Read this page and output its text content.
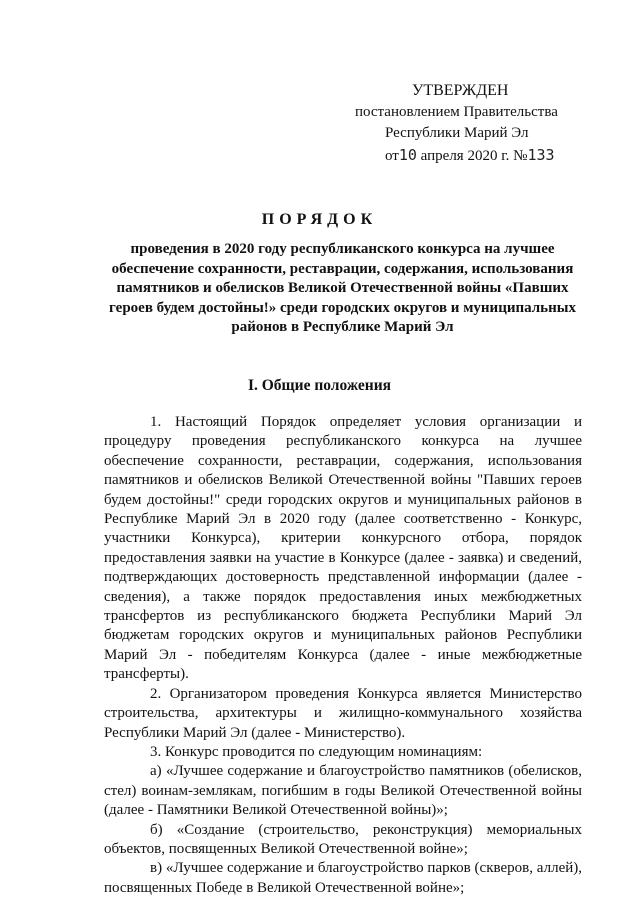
УТВЕРЖДЕН
постановлением Правительства
Республики Марий Эл
от10 апреля 2020 г. №133
ПОРЯДОК
проведения в 2020 году республиканского конкурса на лучшее обеспечение сохранности, реставрации, содержания, использования памятников и обелисков Великой Отечественной войны «Павших героев будем достойны!» среди городских округов и муниципальных районов в Республике Марий Эл
I. Общие положения

1. Настоящий Порядок определяет условия организации и процедуру проведения республиканского конкурса на лучшее обеспечение сохранности, реставрации, содержания, использования памятников и обелисков Великой Отечественной войны "Павших героев будем достойны!" среди городских округов и муниципальных районов в Республике Марий Эл в 2020 году (далее соответственно - Конкурс, участники Конкурса), критерии конкурсного отбора, порядок предоставления заявки на участие в Конкурсе (далее - заявка) и сведений, подтверждающих достоверность представленной информации (далее - сведения), а также порядок предоставления иных межбюджетных трансфертов из республиканского бюджета Республики Марий Эл бюджетам городских округов и муниципальных районов Республики Марий Эл - победителям Конкурса (далее - иные межбюджетные трансферты).

2. Организатором проведения Конкурса является Министерство строительства, архитектуры и жилищно-коммунального хозяйства Республики Марий Эл (далее - Министерство).

3. Конкурс проводится по следующим номинациям:

а) «Лучшее содержание и благоустройство памятников (обелисков, стел) воинам-землякам, погибшим в годы Великой Отечественной войны (далее - Памятники Великой Отечественной войны)»;

б) «Создание (строительство, реконструкция) мемориальных объектов, посвященных Великой Отечественной войне»;

в) «Лучшее содержание и благоустройство парков (скверов, аллей), посвященных Победе в Великой Отечественной войне»;
